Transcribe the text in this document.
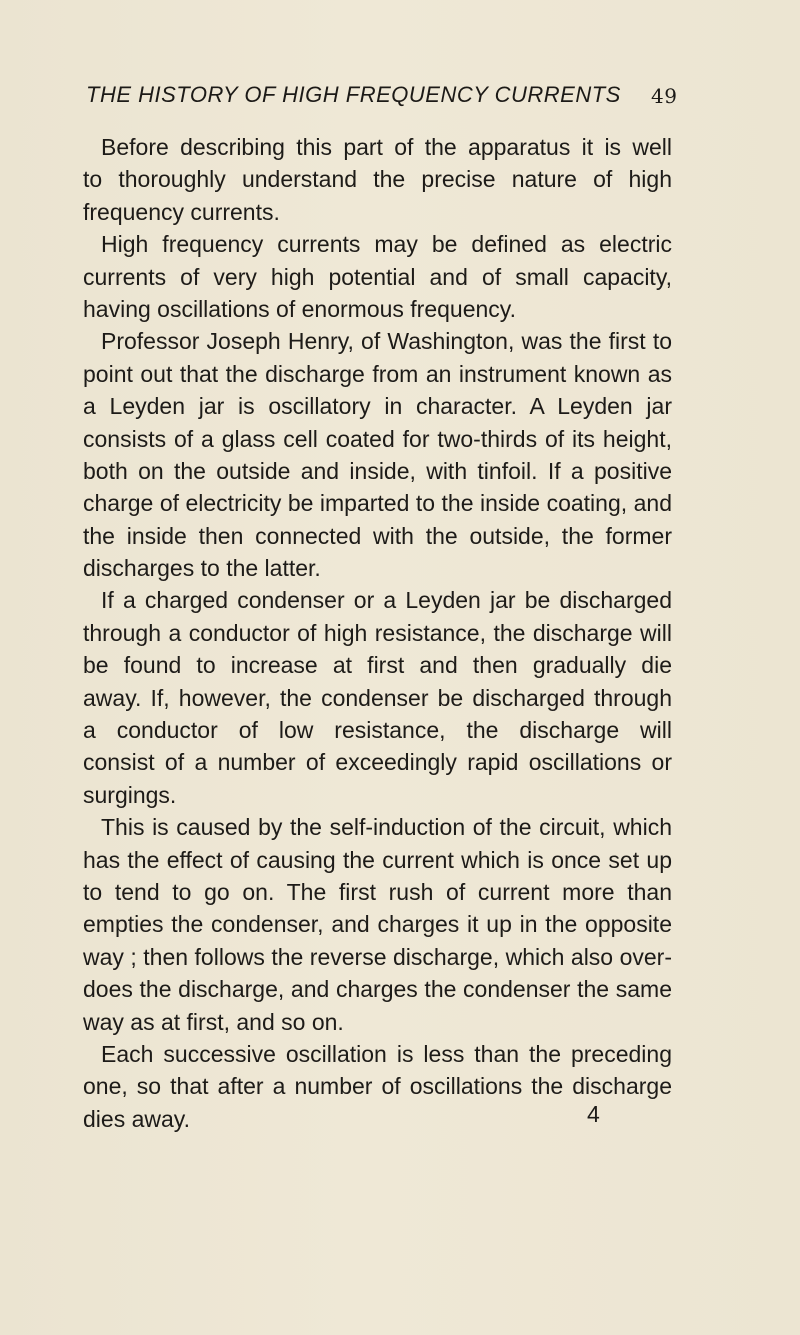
THE HISTORY OF HIGH FREQUENCY CURRENTS 49
Before describing this part of the apparatus it is well
to thoroughly understand the precise nature of high
frequency currents.
High frequency currents may be defined as electric
currents of very high potential and of small capacity,
having oscillations of enormous frequency.
Professor Joseph Henry, of Washington, was the first to
point out that the discharge from an instrument known as
a Leyden jar is oscillatory in character. A Leyden jar
consists of a glass cell coated for two-thirds of its height,
both on the outside and inside, with tinfoil. If a positive
charge of electricity be imparted to the inside coating, and
the inside then connected with the outside, the former
discharges to the latter.
If a charged condenser or a Leyden jar be discharged
through a conductor of high resistance, the discharge will
be found to increase at first and then gradually die
away. If, however, the condenser be discharged through
a conductor of low resistance, the discharge will
consist of a number of exceedingly rapid oscillations or
surgings.
This is caused by the self-induction of the circuit, which
has the effect of causing the current which is once set up
to tend to go on. The first rush of current more than
empties the condenser, and charges it up in the opposite
way ; then follows the reverse discharge, which also over-
does the discharge, and charges the condenser the same
way as at first, and so on.
Each successive oscillation is less than the preceding
one, so that after a number of oscillations the discharge
dies away.	4
